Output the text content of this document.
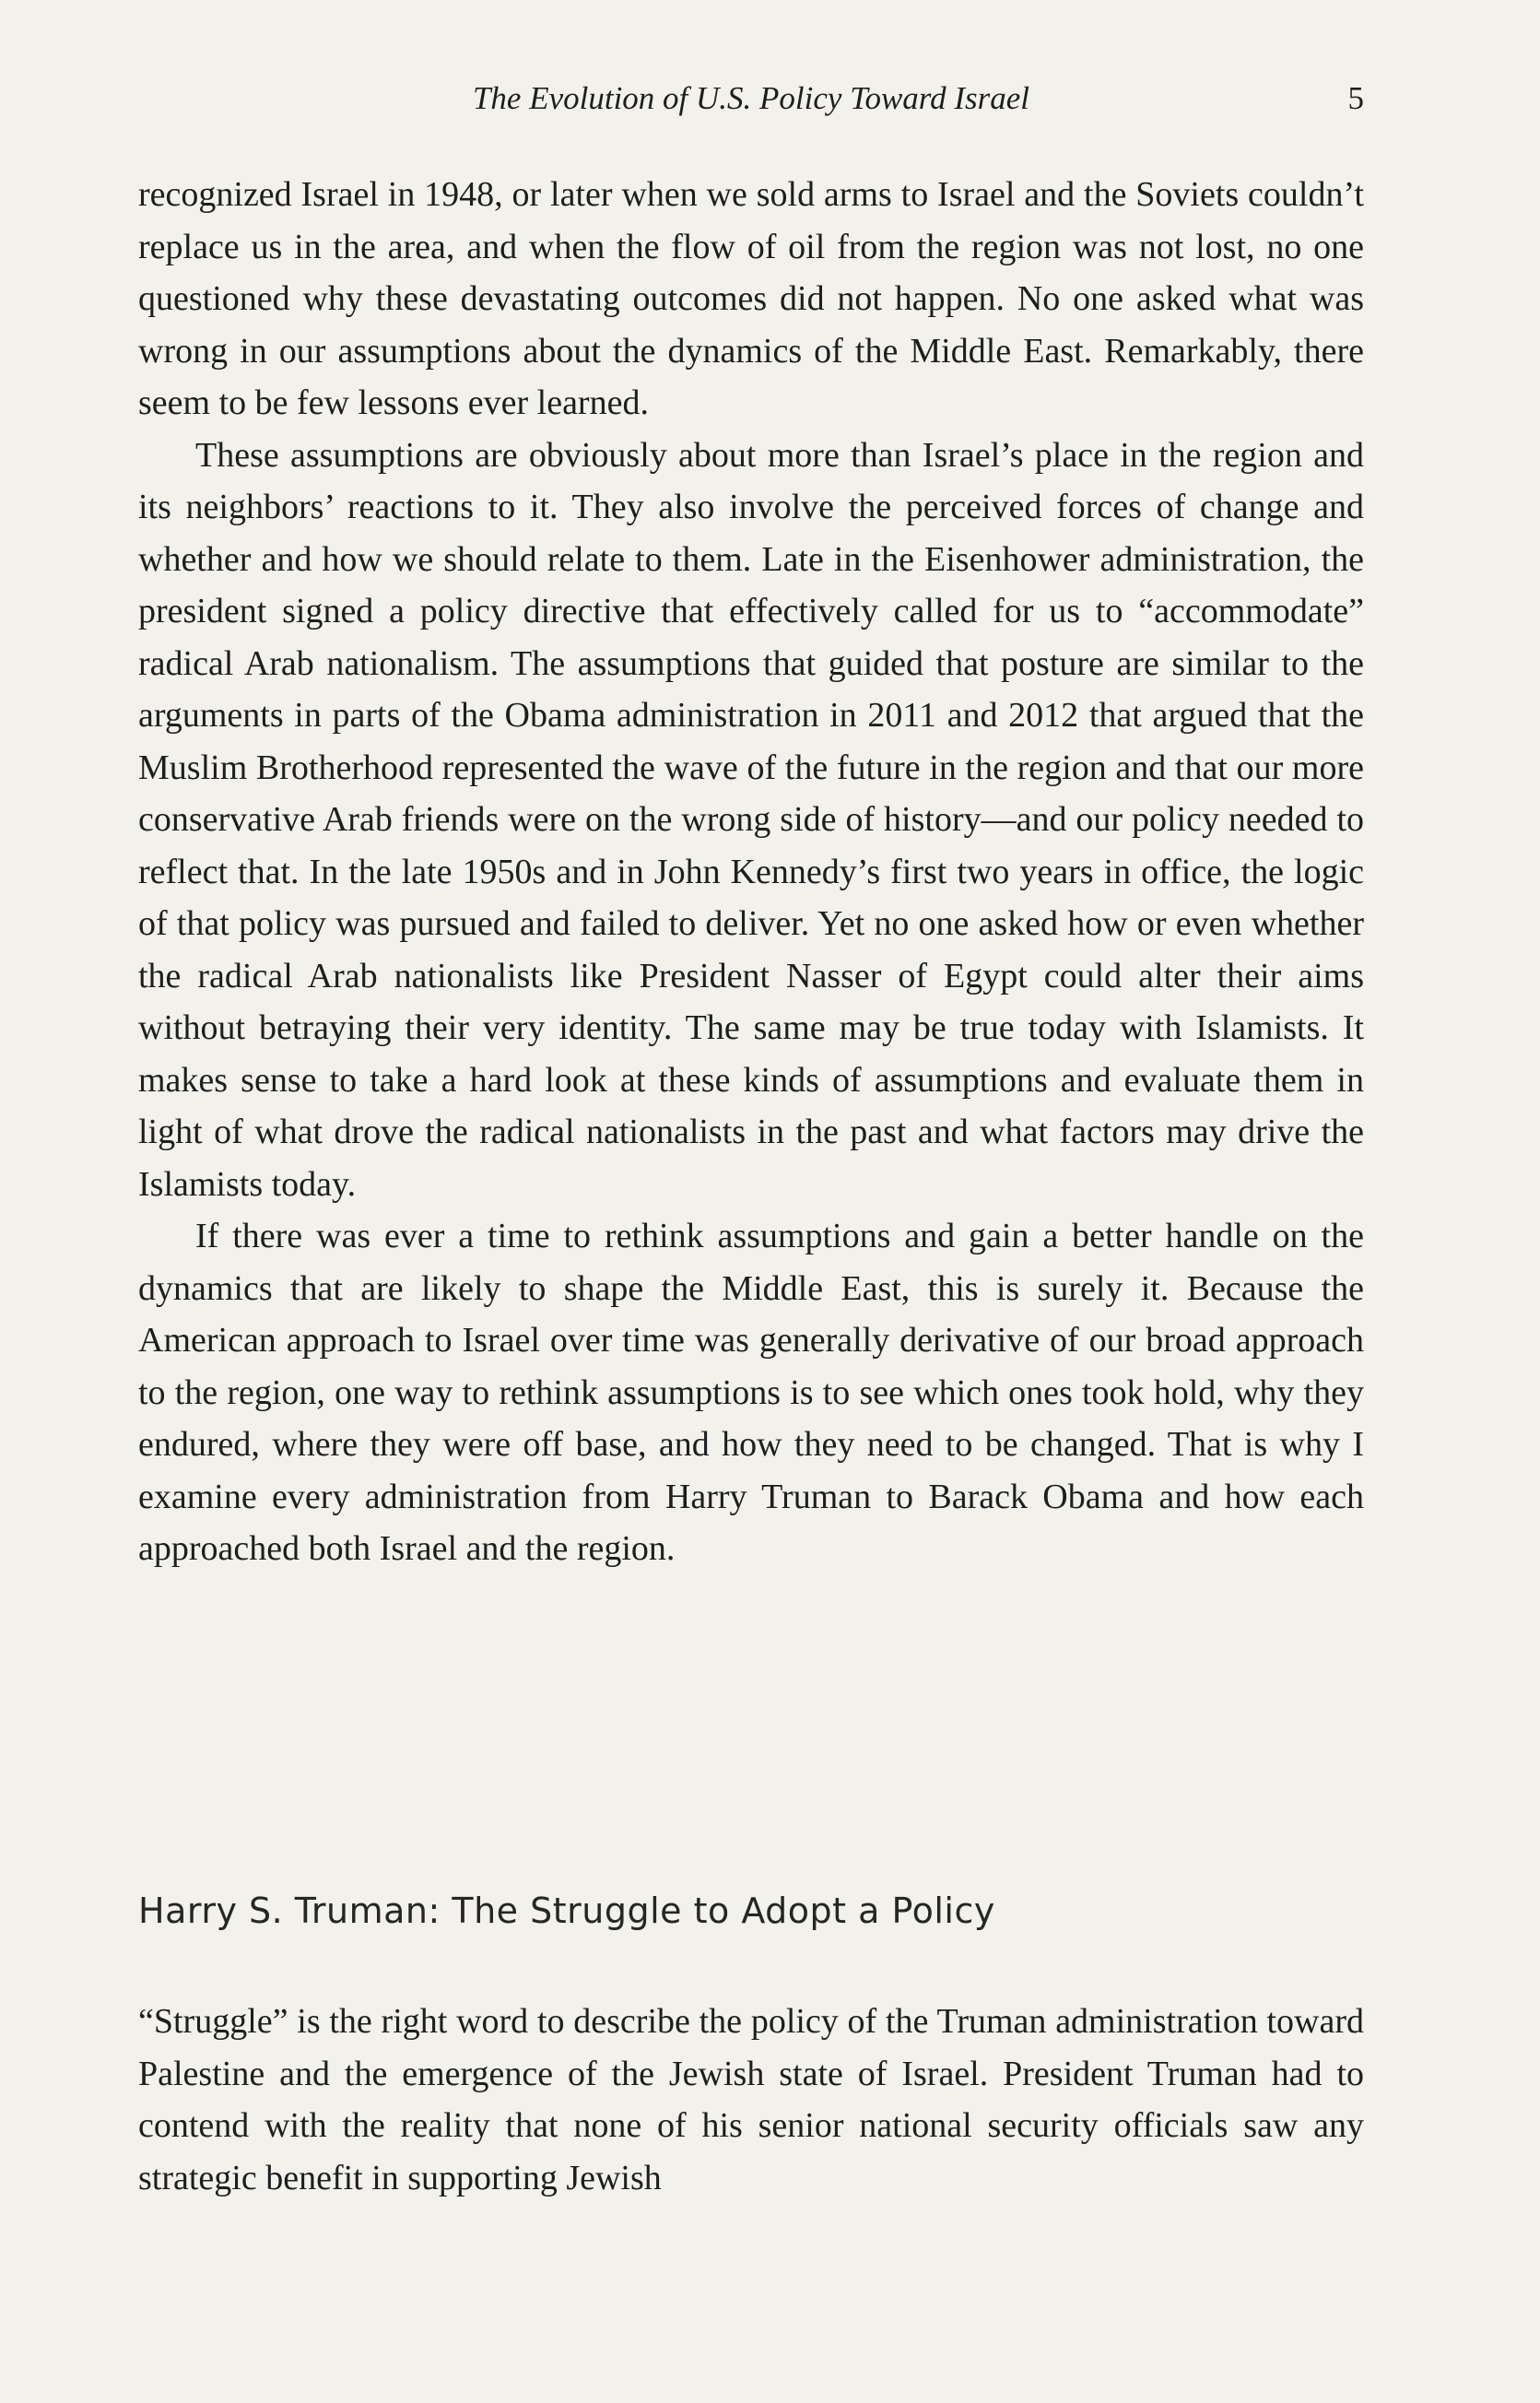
The Evolution of U.S. Policy Toward Israel	5

recognized Israel in 1948, or later when we sold arms to Israel and the Soviets couldn’t replace us in the area, and when the flow of oil from the region was not lost, no one questioned why these devastating outcomes did not happen. No one asked what was wrong in our assumptions about the dynamics of the Middle East. Remarkably, there seem to be few lessons ever learned.

These assumptions are obviously about more than Israel’s place in the region and its neighbors’ reactions to it. They also involve the perceived forces of change and whether and how we should relate to them. Late in the Eisenhower administration, the president signed a policy directive that effectively called for us to “accommodate” radical Arab nationalism. The assumptions that guided that posture are similar to the arguments in parts of the Obama administration in 2011 and 2012 that argued that the Muslim Brotherhood represented the wave of the future in the region and that our more conservative Arab friends were on the wrong side of history—and our policy needed to reflect that. In the late 1950s and in John Kennedy’s first two years in office, the logic of that policy was pursued and failed to deliver. Yet no one asked how or even whether the radical Arab nationalists like President Nasser of Egypt could alter their aims without betraying their very identity. The same may be true today with Islamists. It makes sense to take a hard look at these kinds of assumptions and evaluate them in light of what drove the radical nationalists in the past and what factors may drive the Islamists today.

If there was ever a time to rethink assumptions and gain a better handle on the dynamics that are likely to shape the Middle East, this is surely it. Because the American approach to Israel over time was generally derivative of our broad approach to the region, one way to rethink assumptions is to see which ones took hold, why they endured, where they were off base, and how they need to be changed. That is why I examine every administration from Harry Truman to Barack Obama and how each approached both Israel and the region.

Harry S. Truman: The Struggle to Adopt a Policy

“Struggle” is the right word to describe the policy of the Truman administration toward Palestine and the emergence of the Jewish state of Israel. President Truman had to contend with the reality that none of his senior national security officials saw any strategic benefit in supporting Jewish
